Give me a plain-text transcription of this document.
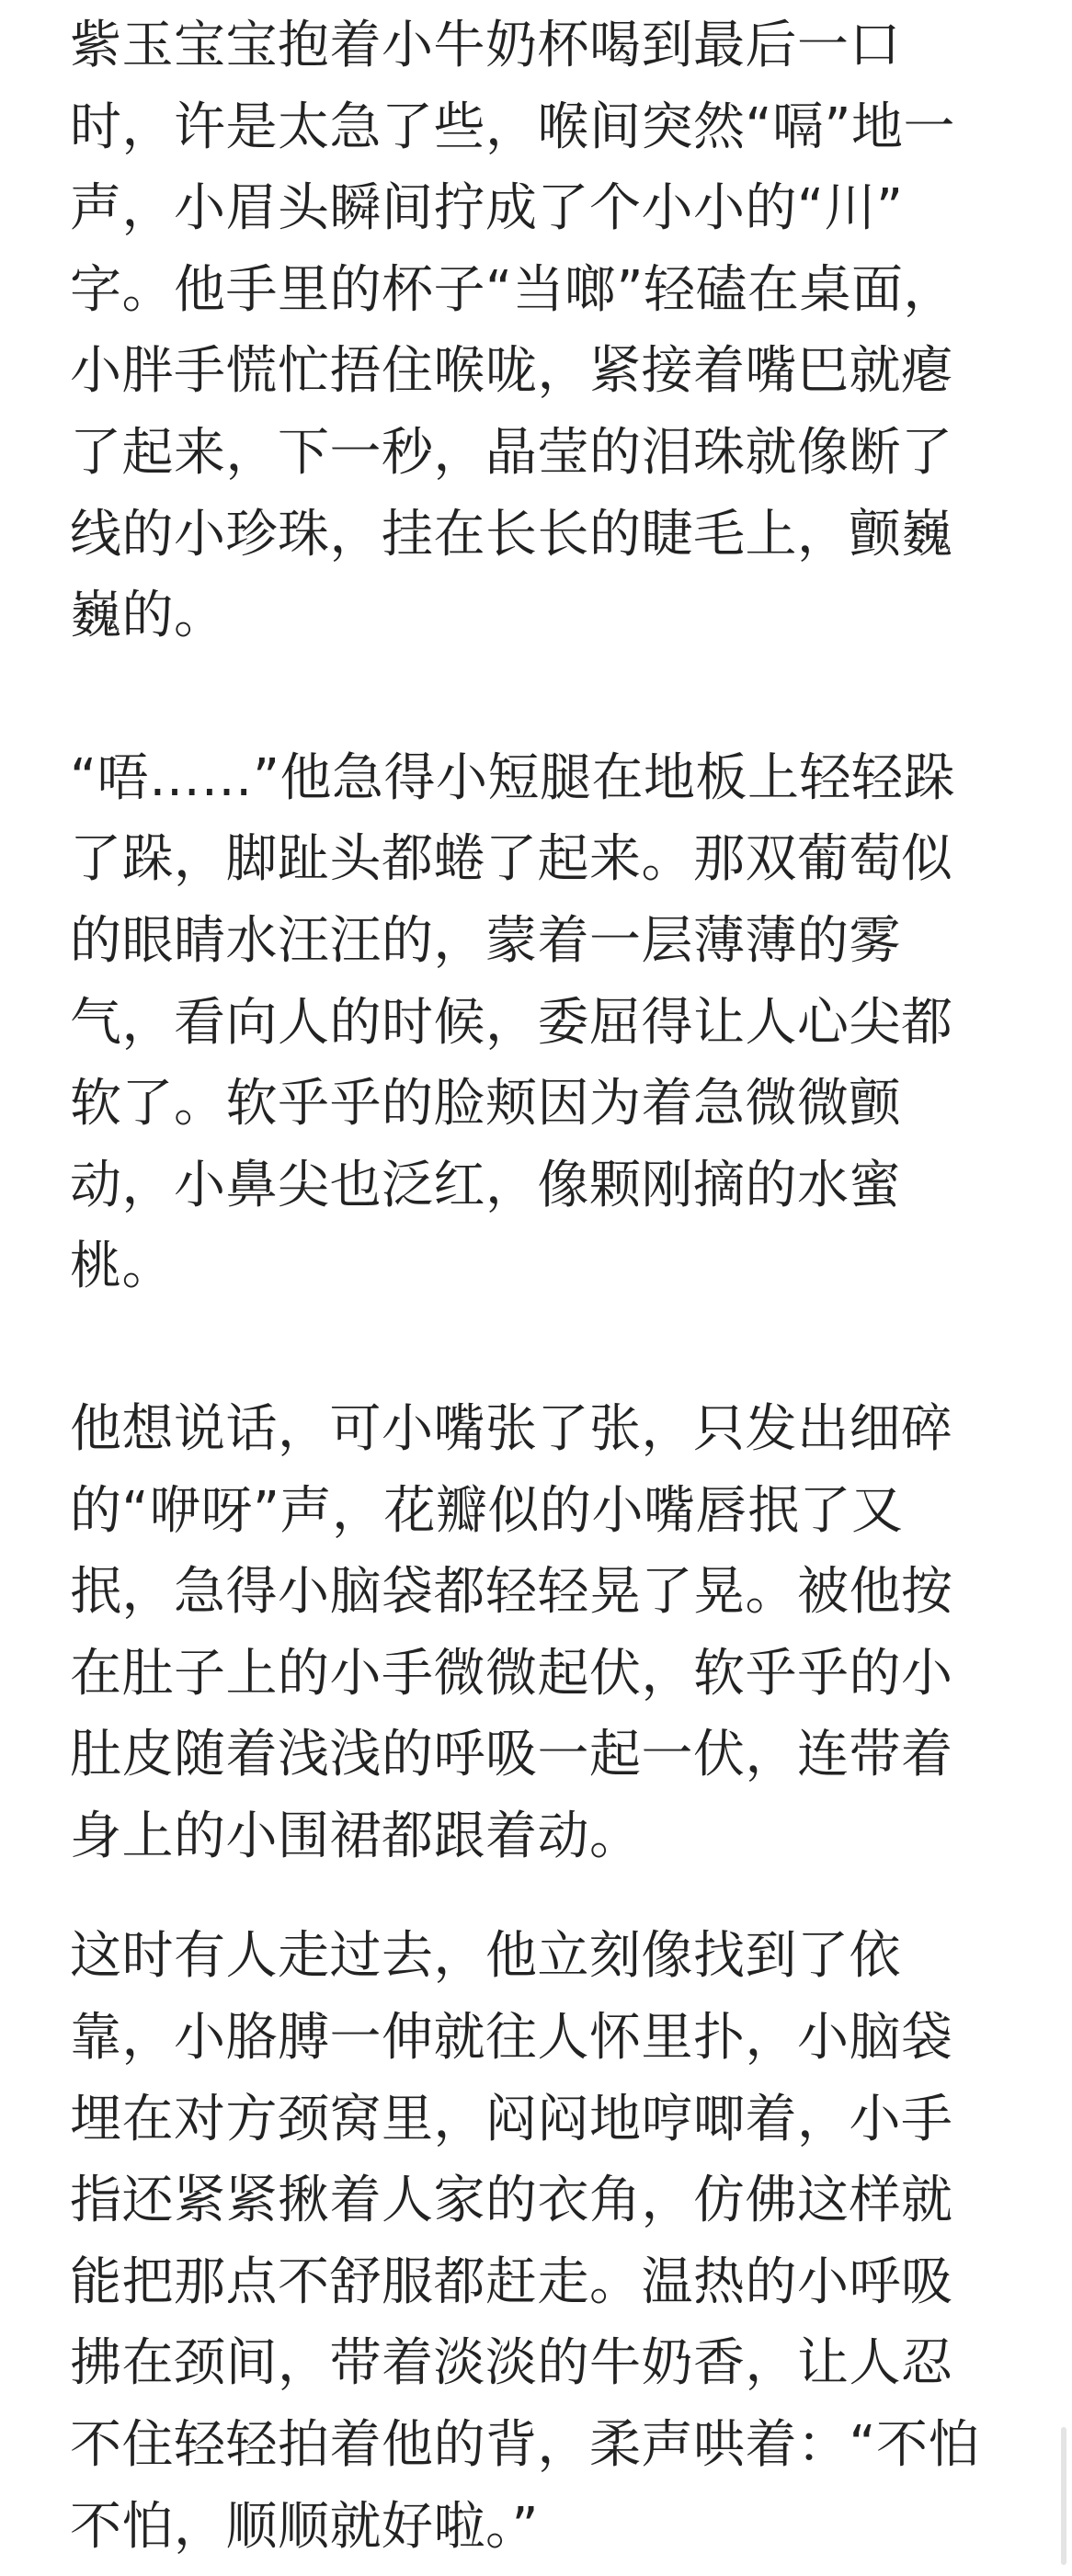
紫玉宝宝抱着小牛奶杯喝到最后一口
时，许是太急了些，喉间突然“嗝”地一
声，小眉头瞬间拧成了个小小的“川”
字。他手里的杯子“当啷”轻磕在桌面，
小胖手慌忙捂住喉咙，紧接着嘴巴就瘪
了起来，下一秒，晶莹的泪珠就像断了
线的小珍珠，挂在长长的睫毛上，颤巍
巍的。

“唔……”他急得小短腿在地板上轻轻跺
了跺，脚趾头都蜷了起来。那双葡萄似
的眼睛水汪汪的，蒙着一层薄薄的雾
气，看向人的时候，委屈得让人心尖都
软了。软乎乎的脸颊因为着急微微颤
动，小鼻尖也泛红，像颗刚摘的水蜜
桃。

他想说话，可小嘴张了张，只发出细碎
的“咿呀”声，花瓣似的小嘴唇抿了又
抿，急得小脑袋都轻轻晃了晃。被他按
在肚子上的小手微微起伏，软乎乎的小
肚皮随着浅浅的呼吸一起一伏，连带着
身上的小围裙都跟着动。

这时有人走过去，他立刻像找到了依
靠，小胳膊一伸就往人怀里扑，小脑袋
埋在对方颈窝里，闷闷地哼唧着，小手
指还紧紧揪着人家的衣角，仿佛这样就
能把那点不舒服都赶走。温热的小呼吸
拂在颈间，带着淡淡的牛奶香，让人忍
不住轻轻拍着他的背，柔声哄着：“不怕
不怕，顺顺就好啦。”
